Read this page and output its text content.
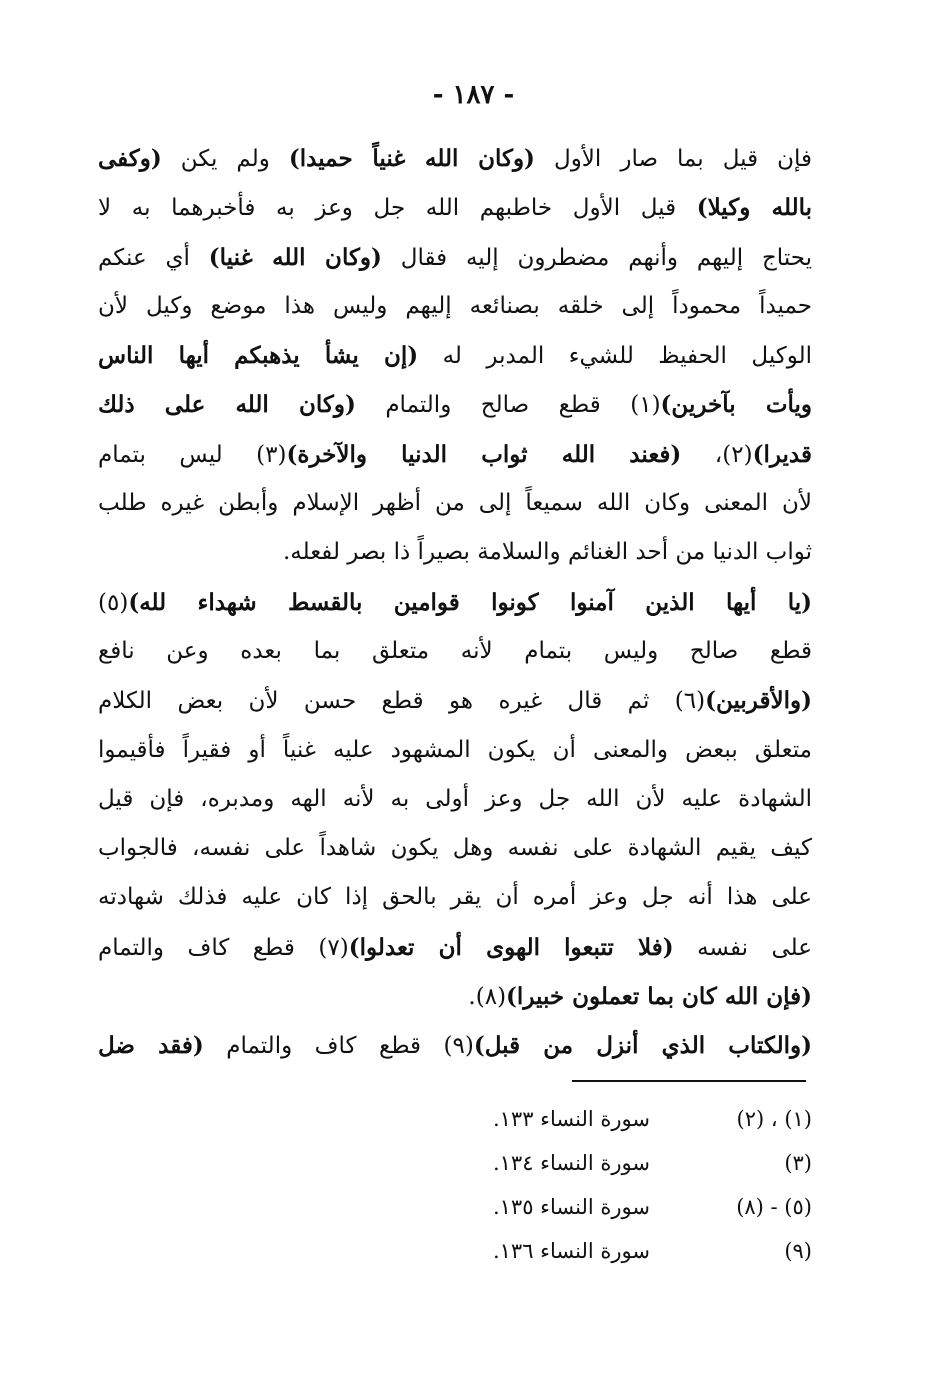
- ١٨٧ -
فإن قيل بما صار الأول (وكان الله غنياً حميدا) ولم يكن (وكفى
بالله وكيلا) قيل الأول خاطبهم الله جل وعز به فأخبرهما به لا
يحتاج إليهم وأنهم مضطرون إليه فقال (وكان الله غنيا) أي عنكم
حميداً محموداً إلى خلقه بصنائعه إليهم وليس هذا موضع وكيل لأن
الوكيل الحفيظ للشيء المدبر له (إن يشأ يذهبكم أيها الناس
ويأت بآخرين)(١) قطع صالح والتمام (وكان الله على ذلك
قديرا)(٢)، (فعند الله ثواب الدنيا والآخرة)(٣) ليس بتمام
لأن المعنى وكان الله سميعاً إلى من أظهر الإسلام وأبطن غيره طلب
ثواب الدنيا من أحد الغنائم والسلامة بصيراً ذا بصر لفعله.
(يا أيها الذين آمنوا كونوا قوامين بالقسط شهداء لله)(٥)
قطع صالح وليس بتمام لأنه متعلق بما بعده وعن نافع
(والأقربين)(٦) ثم قال غيره هو قطع حسن لأن بعض الكلام
متعلق ببعض والمعنى أن يكون المشهود عليه غنياً أو فقيراً فأقيموا
الشهادة عليه لأن الله جل وعز أولى به لأنه الهه ومدبره، فإن قيل
كيف يقيم الشهادة على نفسه وهل يكون شاهداً على نفسه، فالجواب
على هذا أنه جل وعز أمره أن يقر بالحق إذا كان عليه فذلك شهادته
على نفسه (فلا تتبعوا الهوى أن تعدلوا)(٧) قطع كاف والتمام
(فإن الله كان بما تعملون خبيرا)(٨).
(والكتاب الذي أنزل من قبل)(٩) قطع كاف والتمام (فقد ضل
(١) ، (٢)
سورة النساء ١٣٣.
(٣)
سورة النساء ١٣٤.
(٥) - (٨)
سورة النساء ١٣٥.
(٩)
سورة النساء ١٣٦.
